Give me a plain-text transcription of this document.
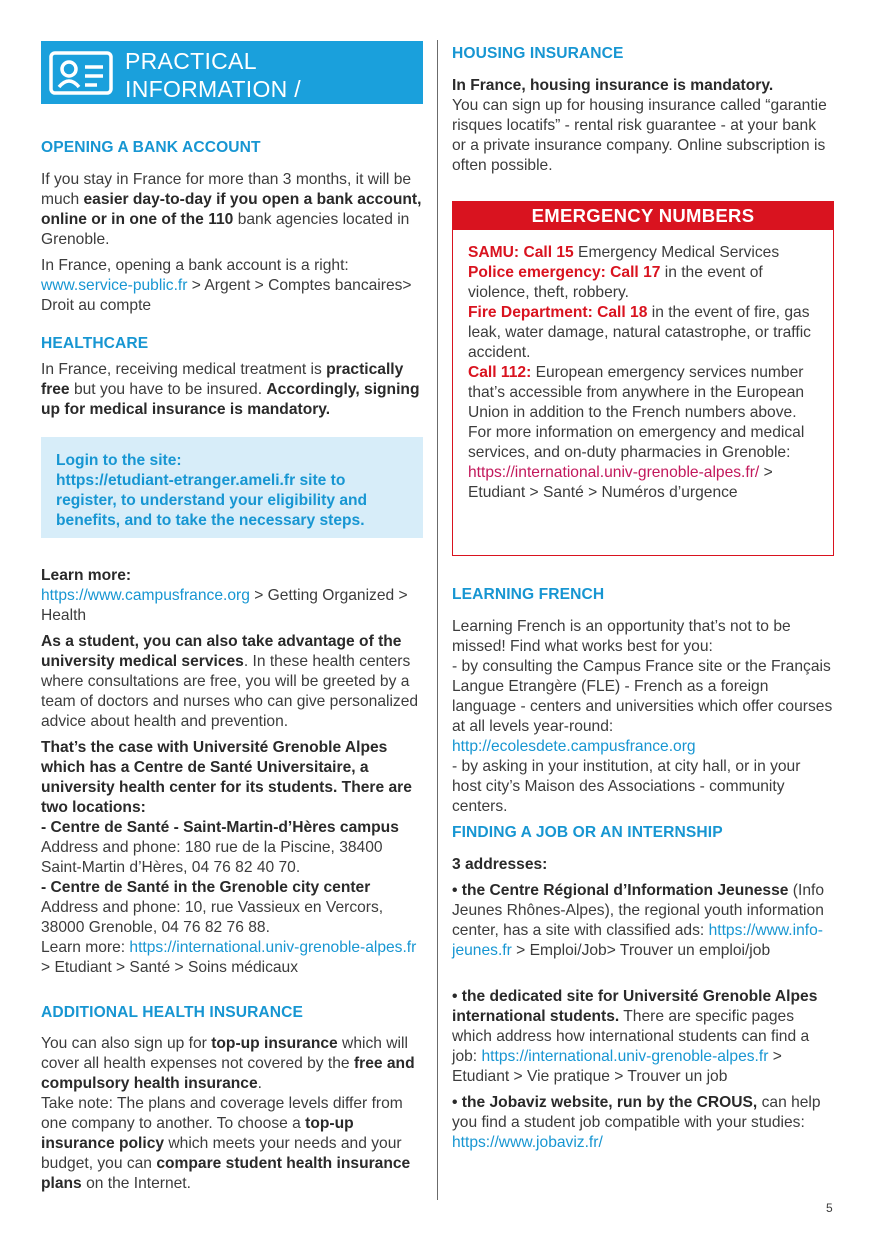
PRACTICAL
INFORMATION /
OPENING A BANK ACCOUNT
If you stay in France for more than 3 months, it will be much easier day-to-day if you open a bank account, online or in one of the 110 bank agencies located in Grenoble.
In France, opening a bank account is a right: www.service-public.fr > Argent > Comptes bancaires> Droit au compte
HEALTHCARE
In France, receiving medical treatment is practically free but you have to be insured. Accordingly, signing up for medical insurance is mandatory.
Login to the site:
https://etudiant-etranger.ameli.fr site to register, to understand your eligibility and benefits, and to take the necessary steps.
Learn more:
https://www.campusfrance.org > Getting Organized > Health
As a student, you can also take advantage of the university medical services. In these health centers where consultations are free, you will be greeted by a team of doctors and nurses who can give personalized advice about health and prevention.
That’s the case with Université Grenoble Alpes which has a Centre de Santé Universitaire, a university health center for its students. There are two locations:
- Centre de Santé - Saint-Martin-d’Hères campus
Address and phone: 180 rue de la Piscine, 38400 Saint-Martin d’Hères, 04 76 82 40 70.
- Centre de Santé in the Grenoble city center
Address and phone: 10, rue Vassieux en Vercors, 38000 Grenoble, 04 76 82 76 88.
Learn more: https://international.univ-grenoble-alpes.fr > Etudiant > Santé > Soins médicaux
ADDITIONAL HEALTH INSURANCE
You can also sign up for top-up insurance which will cover all health expenses not covered by the free and compulsory health insurance.
Take note: The plans and coverage levels differ from one company to another. To choose a top-up insurance policy which meets your needs and your budget, you can compare student health insurance plans on the Internet.
HOUSING INSURANCE
In France, housing insurance is mandatory.
You can sign up for housing insurance called “garantie risques locatifs” - rental risk guarantee - at your bank or a private insurance company. Online subscription is often possible.
EMERGENCY NUMBERS
SAMU: Call 15 Emergency Medical Services
Police emergency: Call 17 in the event of violence, theft, robbery.
Fire Department: Call 18 in the event of fire, gas leak, water damage, natural catastrophe, or traffic accident.
Call 112: European emergency services number that’s accessible from anywhere in the European Union in addition to the French numbers above.
For more information on emergency and medical services, and on-duty pharmacies in Grenoble: https://international.univ-grenoble-alpes.fr/ > Etudiant > Santé > Numéros d’urgence
LEARNING FRENCH
Learning French is an opportunity that’s not to be missed! Find what works best for you:
- by consulting the Campus France site or the Français Langue Etrangère (FLE) - French as a foreign language - centers and universities which offer courses at all levels year-round:
http://ecolesdete.campusfrance.org
- by asking in your institution, at city hall, or in your host city’s Maison des Associations - community centers.
FINDING A JOB OR AN INTERNSHIP
3 addresses:
• the Centre Régional d’Information Jeunesse (Info Jeunes Rhônes-Alpes), the regional youth information center, has a site with classified ads: https://www.info-jeunes.fr > Emploi/Job> Trouver un emploi/job
• the dedicated site for Université Grenoble Alpes international students. There are specific pages which address how international students can find a job: https://international.univ-grenoble-alpes.fr > Etudiant > Vie pratique > Trouver un job
• the Jobaviz website, run by the CROUS, can help you find a student job compatible with your studies: https://www.jobaviz.fr/
5
